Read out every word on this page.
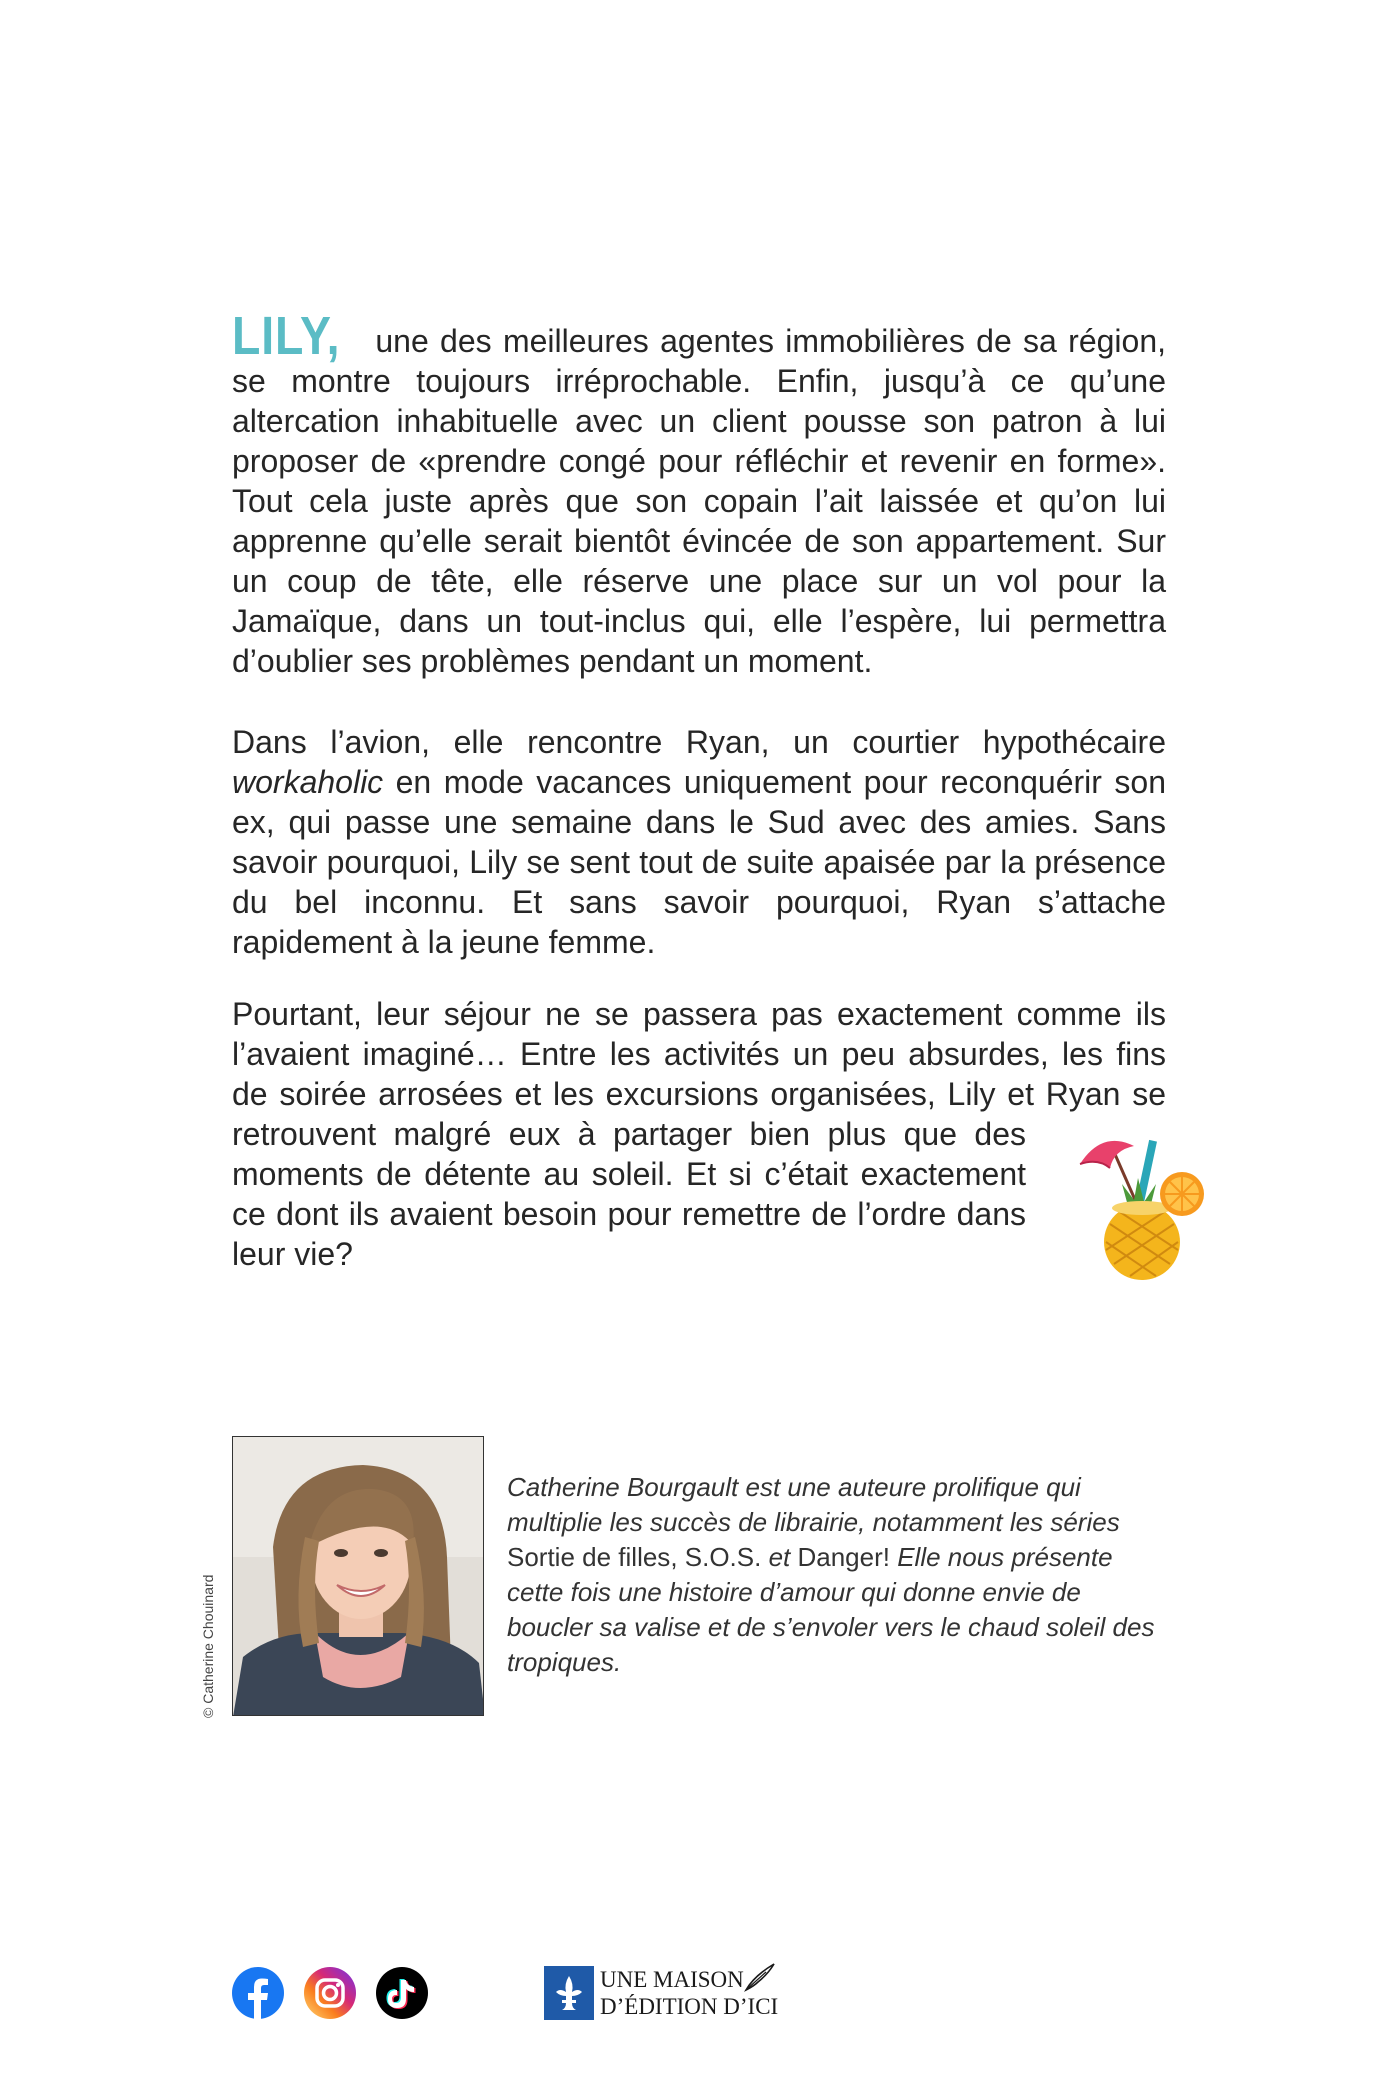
LILY, une des meilleures agentes immobilières de sa région, se montre toujours irréprochable. Enfin, jusqu’à ce qu’une altercation inhabituelle avec un client pousse son patron à lui proposer de «prendre congé pour réfléchir et revenir en forme». Tout cela juste après que son copain l’ait laissée et qu’on lui apprenne qu’elle serait bientôt évincée de son appartement. Sur un coup de tête, elle réserve une place sur un vol pour la Jamaïque, dans un tout-inclus qui, elle l’espère, lui permettra d’oublier ses problèmes pendant un moment.

Dans l’avion, elle rencontre Ryan, un courtier hypothécaire workaholic en mode vacances uniquement pour reconquérir son ex, qui passe une semaine dans le Sud avec des amies. Sans savoir pourquoi, Lily se sent tout de suite apaisée par la présence du bel inconnu. Et sans savoir pourquoi, Ryan s’attache rapidement à la jeune femme.

Pourtant, leur séjour ne se passera pas exactement comme ils l’avaient imaginé… Entre les activités un peu absurdes, les fins de soirée arrosées et les excursions organisées, Lily et Ryan se retrouvent malgré eux à partager bien plus que des moments de détente au soleil. Et si c’était exactement ce dont ils avaient besoin pour remettre de l’ordre dans leur vie?

© Catherine Chouinard
Catherine Bourgault est une auteure prolifique qui multiplie les succès de librairie, notamment les séries Sortie de filles, S.O.S. et Danger! Elle nous présente cette fois une histoire d’amour qui donne envie de boucler sa valise et de s’envoler vers le chaud soleil des tropiques.
UNE MAISON
D’ÉDITION D’ICI
